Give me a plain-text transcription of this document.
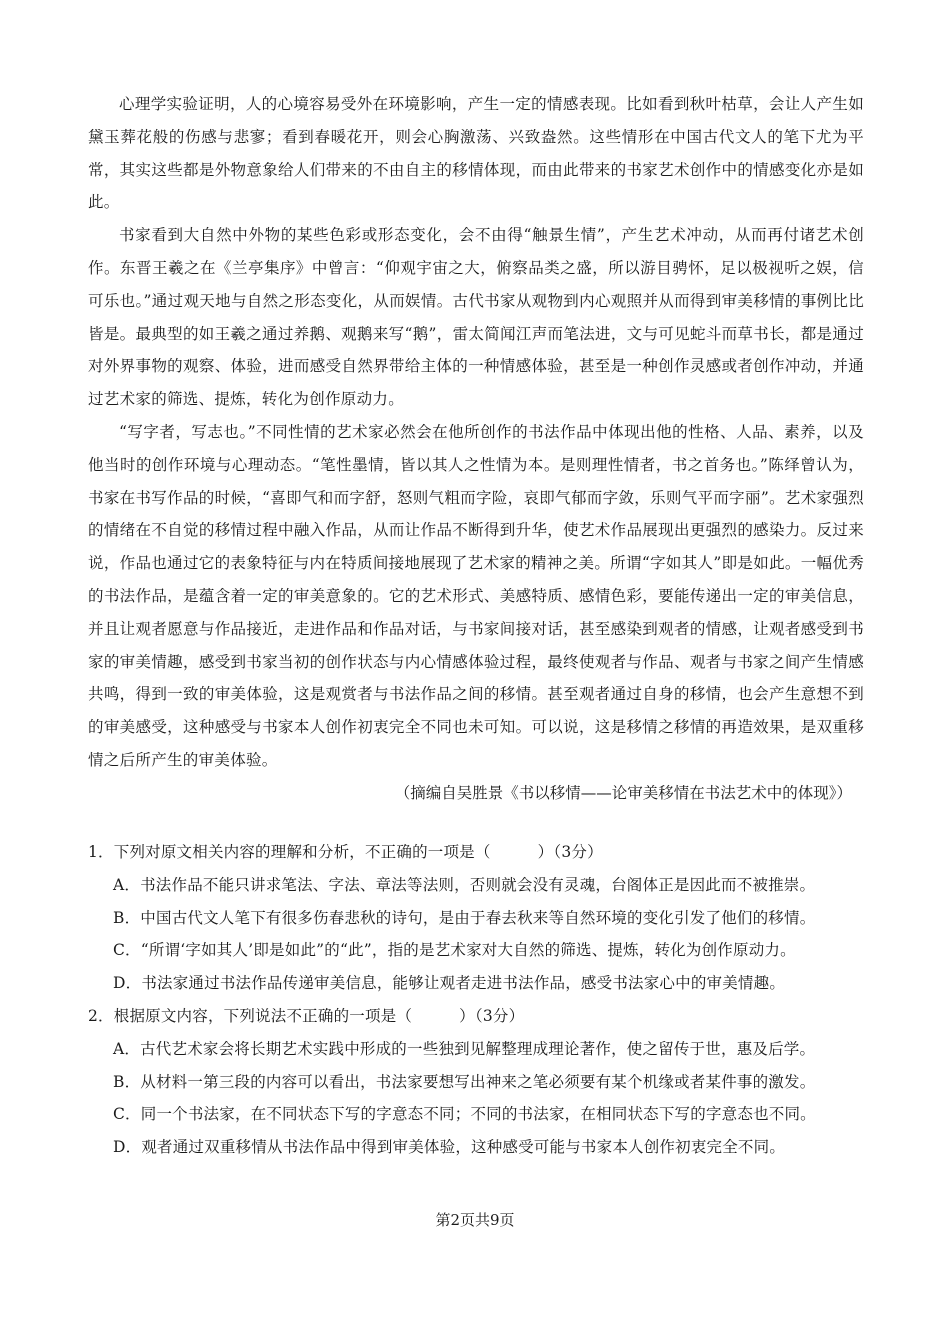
心理学实验证明，人的心境容易受外在环境影响，产生一定的情感表现。比如看到秋叶枯草，会让人产生如黛玉葬花般的伤感与悲寥；看到春暖花开，则会心胸激荡、兴致盎然。这些情形在中国古代文人的笔下尤为平常，其实这些都是外物意象给人们带来的不由自主的移情体现，而由此带来的书家艺术创作中的情感变化亦是如此。

书家看到大自然中外物的某些色彩或形态变化，会不由得“触景生情”，产生艺术冲动，从而再付诸艺术创作。东晋王羲之在《兰亭集序》中曾言：“仰观宇宙之大，俯察品类之盛，所以游目骋怀，足以极视听之娱，信可乐也。”通过观天地与自然之形态变化，从而娱情。古代书家从观物到内心观照并从而得到审美移情的事例比比皆是。最典型的如王羲之通过养鹅、观鹅来写“鹅”，雷太简闻江声而笔法进，文与可见蛇斗而草书长，都是通过对外界事物的观察、体验，进而感受自然界带给主体的一种情感体验，甚至是一种创作灵感或者创作冲动，并通过艺术家的筛选、提炼，转化为创作原动力。

“写字者，写志也。”不同性情的艺术家必然会在他所创作的书法作品中体现出他的性格、人品、素养，以及他当时的创作环境与心理动态。“笔性墨情，皆以其人之性情为本。是则理性情者，书之首务也。”陈绎曾认为，书家在书写作品的时候，“喜即气和而字舒，怒则气粗而字险，哀即气郁而字敛，乐则气平而字丽”。艺术家强烈的情绪在不自觉的移情过程中融入作品，从而让作品不断得到升华，使艺术作品展现出更强烈的感染力。反过来说，作品也通过它的表象特征与内在特质间接地展现了艺术家的精神之美。所谓“字如其人”即是如此。一幅优秀的书法作品，是蕴含着一定的审美意象的。它的艺术形式、美感特质、感情色彩，要能传递出一定的审美信息，并且让观者愿意与作品接近，走进作品和作品对话，与书家间接对话，甚至感染到观者的情感，让观者感受到书家的审美情趣，感受到书家当初的创作状态与内心情感体验过程，最终使观者与作品、观者与书家之间产生情感共鸣，得到一致的审美体验，这是观赏者与书法作品之间的移情。甚至观者通过自身的移情，也会产生意想不到的审美感受，这种感受与书家本人创作初衷完全不同也未可知。可以说，这是移情之移情的再造效果，是双重移情之后所产生的审美体验。

（摘编自吴胜景《书以移情——论审美移情在书法艺术中的体现》）

1．下列对原文相关内容的理解和分析，不正确的一项是（　　　）（3分）

A．书法作品不能只讲求笔法、字法、章法等法则，否则就会没有灵魂，台阁体正是因此而不被推崇。

B．中国古代文人笔下有很多伤春悲秋的诗句，是由于春去秋来等自然环境的变化引发了他们的移情。

C．“所谓‘字如其人’即是如此”的“此”，指的是艺术家对大自然的筛选、提炼，转化为创作原动力。

D．书法家通过书法作品传递审美信息，能够让观者走进书法作品，感受书法家心中的审美情趣。

2．根据原文内容，下列说法不正确的一项是（　　　）（3分）

A．古代艺术家会将长期艺术实践中形成的一些独到见解整理成理论著作，使之留传于世，惠及后学。

B．从材料一第三段的内容可以看出，书法家要想写出神来之笔必须要有某个机缘或者某件事的激发。

C．同一个书法家，在不同状态下写的字意态不同；不同的书法家，在相同状态下写的字意态也不同。

D．观者通过双重移情从书法作品中得到审美体验，这种感受可能与书家本人创作初衷完全不同。

第2页共9页
